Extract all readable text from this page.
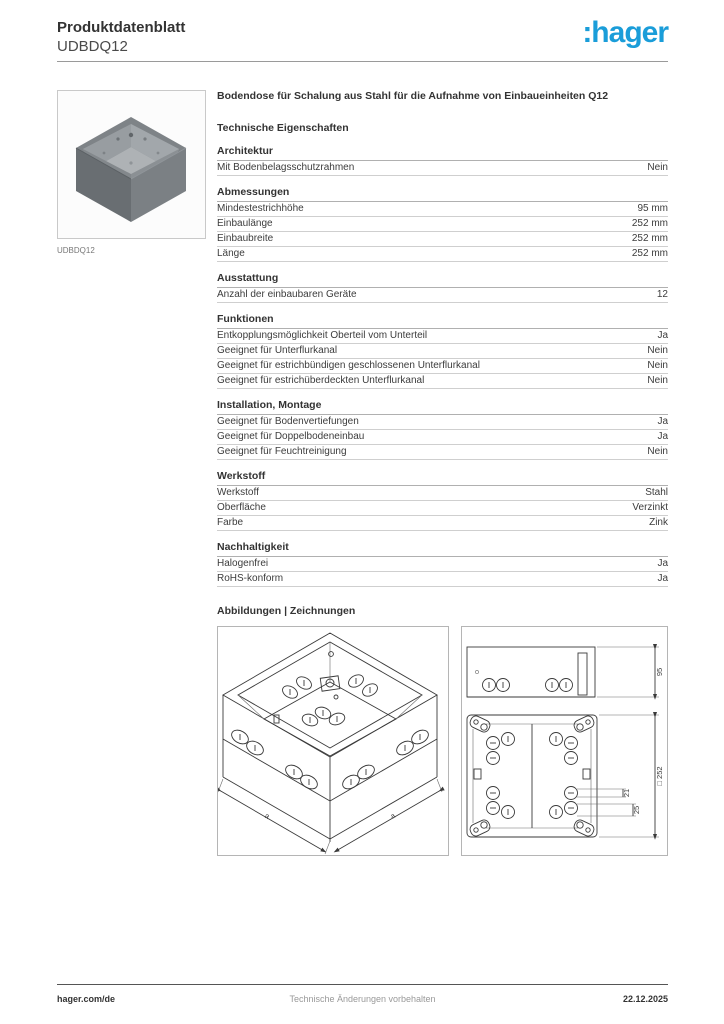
Produktdatenblatt
UDBDQ12	:hager
UDBDQ12
Bodendose für Schalung aus Stahl für die Aufnahme von Einbaueinheiten Q12
Technische Eigenschaften
Architektur
Mit Bodenbelagsschutzrahmen	Nein
Abmessungen
Mindestestrichhöhe	95 mm
Einbaulänge	252 mm
Einbaubreite	252 mm
Länge	252 mm
Ausstattung
Anzahl der einbaubaren Geräte	12
Funktionen
Entkopplungsmöglichkeit Oberteil vom Unterteil	Ja
Geeignet für Unterflurkanal	Nein
Geeignet für estrichbündigen geschlossenen Unterflurkanal	Nein
Geeignet für estrichüberdeckten Unterflurkanal	Nein
Installation, Montage
Geeignet für Bodenvertiefungen	Ja
Geeignet für Doppelbodeneinbau	Ja
Geeignet für Feuchtreinigung	Nein
Werkstoff
Werkstoff	Stahl
Oberfläche	Verzinkt
Farbe	Zink
Nachhaltigkeit
Halogenfrei	Ja
RoHS-konform	Ja
Abbildungen | Zeichnungen
a	a
95
21
25
□ 252
Technische Änderungen vorbehalten
hager.com/de	22.12.2025
